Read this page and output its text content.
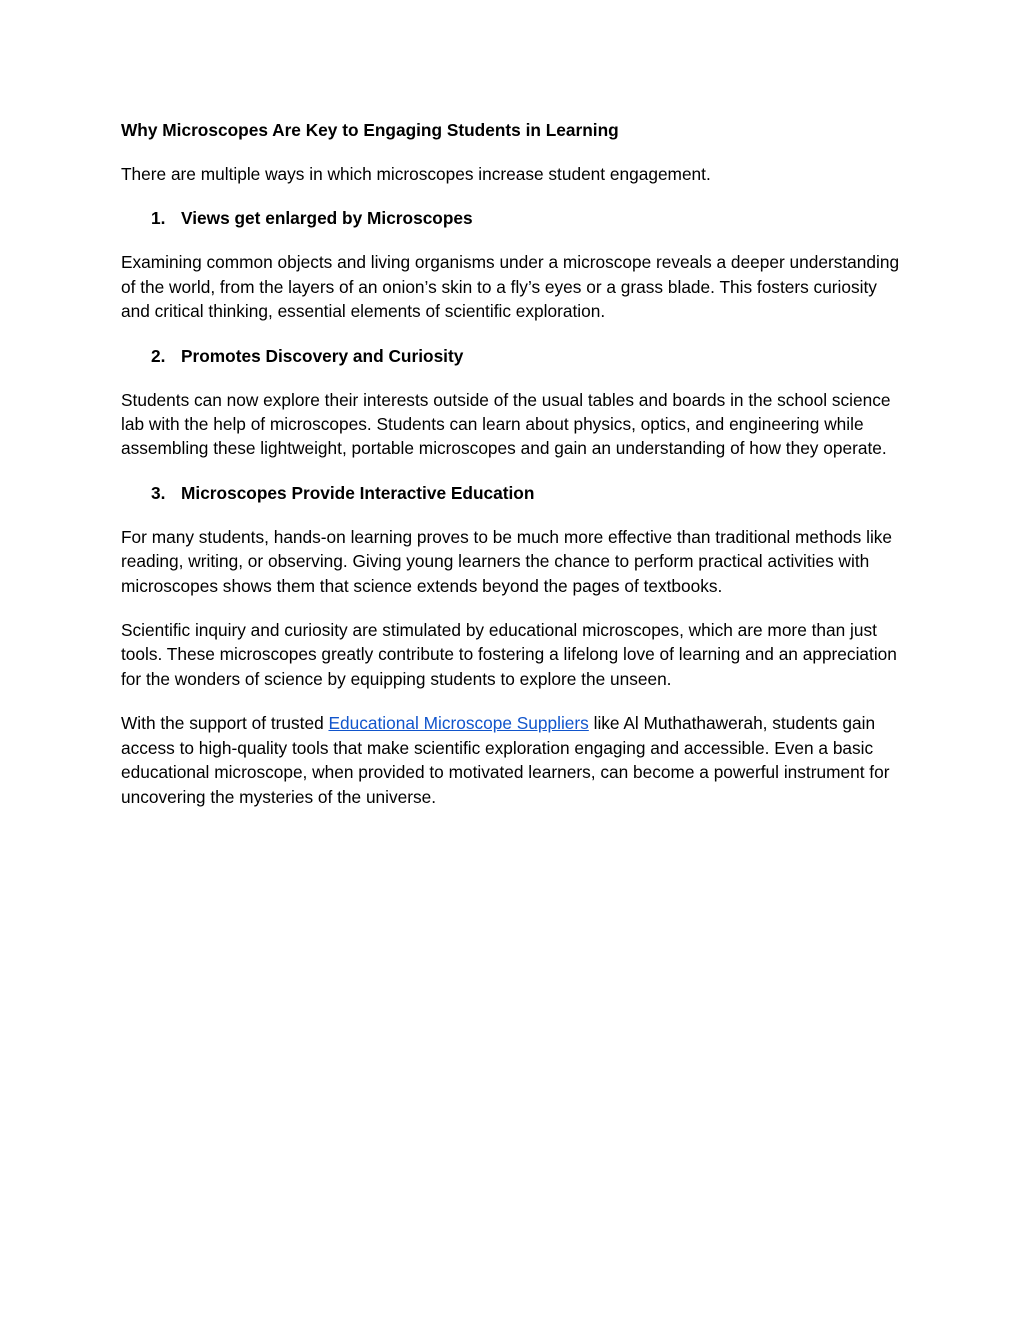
Why Microscopes Are Key to Engaging Students in Learning
There are multiple ways in which microscopes increase student engagement.
1. Views get enlarged by Microscopes
Examining common objects and living organisms under a microscope reveals a deeper understanding of the world, from the layers of an onion’s skin to a fly’s eyes or a grass blade. This fosters curiosity and critical thinking, essential elements of scientific exploration.
2. Promotes Discovery and Curiosity
Students can now explore their interests outside of the usual tables and boards in the school science lab with the help of microscopes. Students can learn about physics, optics, and engineering while assembling these lightweight, portable microscopes and gain an understanding of how they operate.
3. Microscopes Provide Interactive Education
For many students, hands-on learning proves to be much more effective than traditional methods like reading, writing, or observing. Giving young learners the chance to perform practical activities with microscopes shows them that science extends beyond the pages of textbooks.
Scientific inquiry and curiosity are stimulated by educational microscopes, which are more than just tools. These microscopes greatly contribute to fostering a lifelong love of learning and an appreciation for the wonders of science by equipping students to explore the unseen.
With the support of trusted Educational Microscope Suppliers like Al Muthathawerah, students gain access to high-quality tools that make scientific exploration engaging and accessible. Even a basic educational microscope, when provided to motivated learners, can become a powerful instrument for uncovering the mysteries of the universe.
